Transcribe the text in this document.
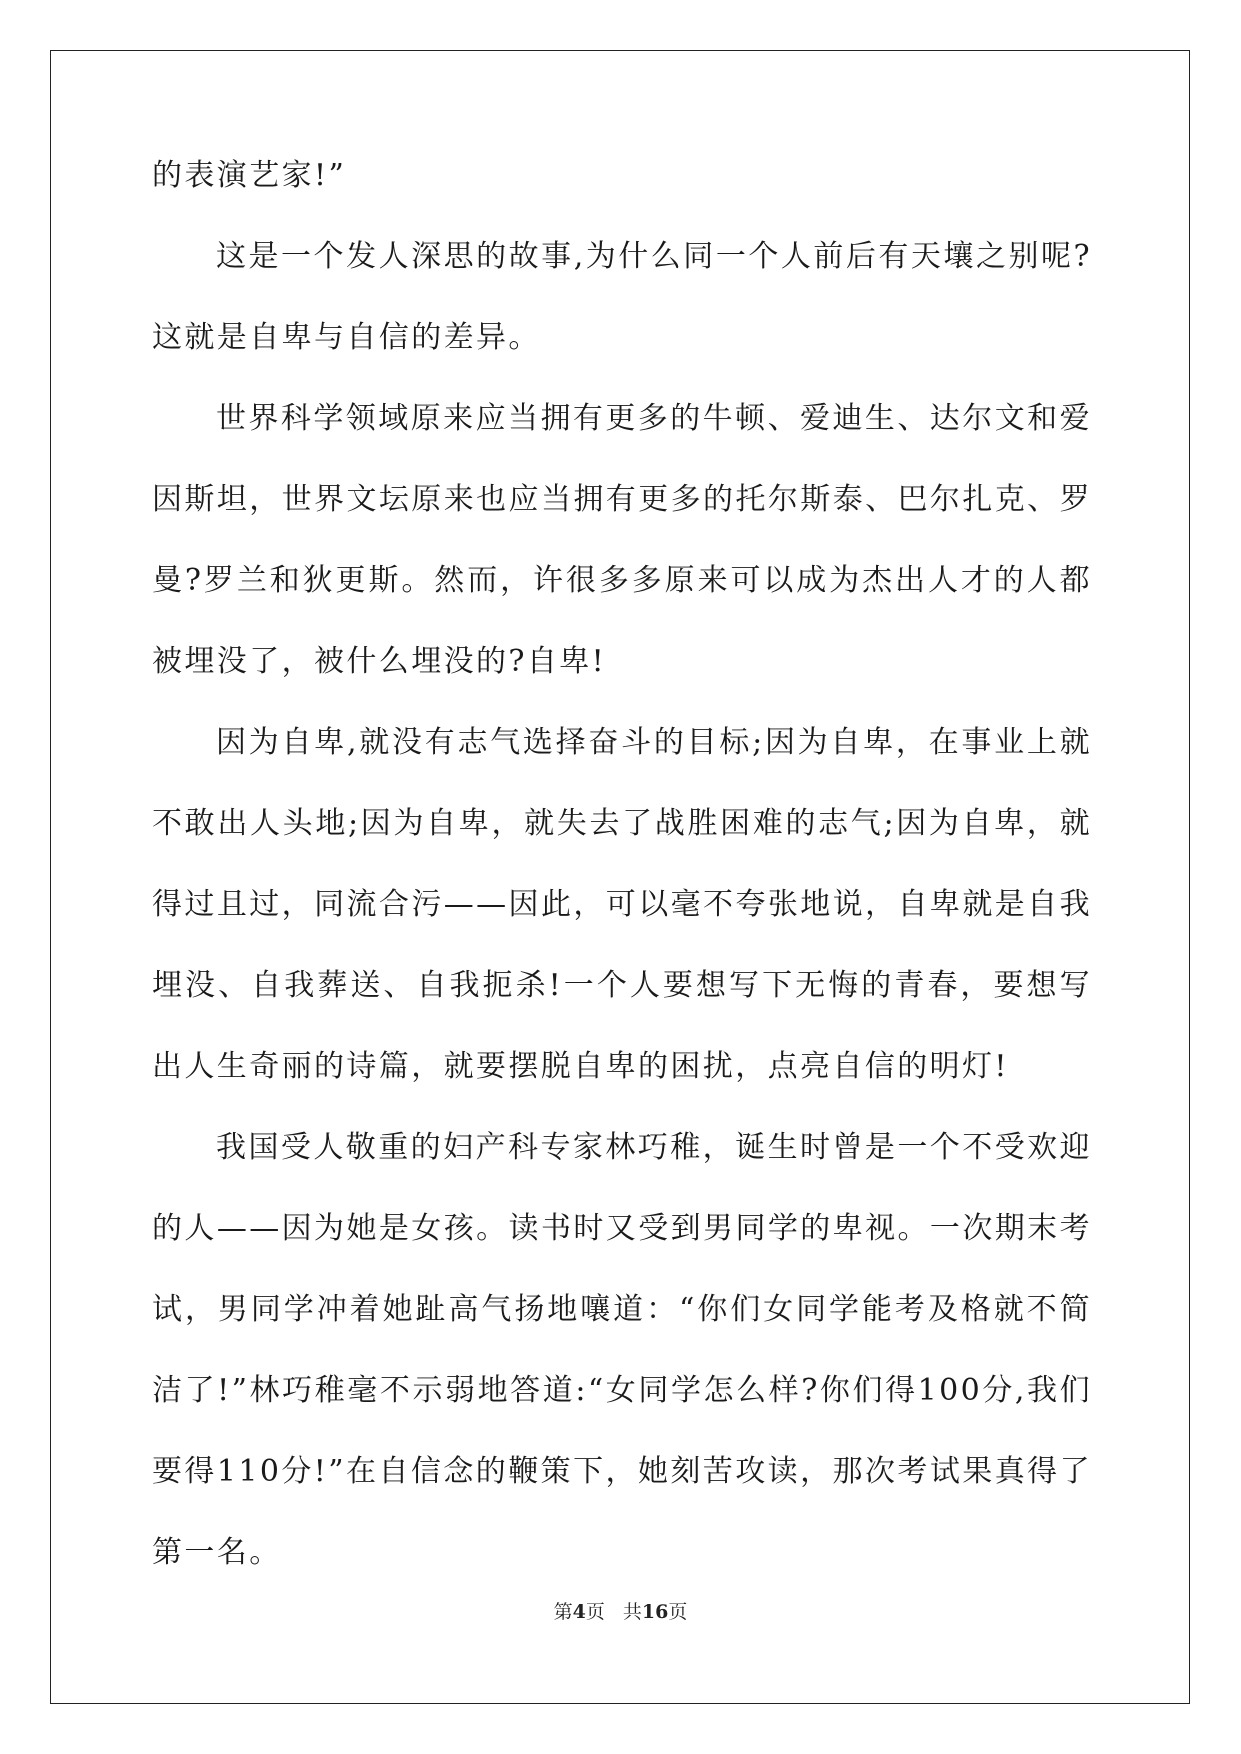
的表演艺家!”

这是一个发人深思的故事,为什么同一个人前后有天壤之别呢?这就是自卑与自信的差异。

世界科学领域原来应当拥有更多的牛顿、爱迪生、达尔文和爱因斯坦，世界文坛原来也应当拥有更多的托尔斯泰、巴尔扎克、罗曼?罗兰和狄更斯。然而，许很多多原来可以成为杰出人才的人都被埋没了，被什么埋没的?自卑!

因为自卑,就没有志气选择奋斗的目标;因为自卑，在事业上就不敢出人头地;因为自卑，就失去了战胜困难的志气;因为自卑，就得过且过，同流合污——因此，可以毫不夸张地说，自卑就是自我埋没、自我葬送、自我扼杀!一个人要想写下无悔的青春，要想写出人生奇丽的诗篇，就要摆脱自卑的困扰，点亮自信的明灯!

我国受人敬重的妇产科专家林巧稚，诞生时曾是一个不受欢迎的人——因为她是女孩。读书时又受到男同学的卑视。一次期末考试，男同学冲着她趾高气扬地嚷道：“你们女同学能考及格就不简洁了!”林巧稚毫不示弱地答道:“女同学怎么样?你们得100分,我们要得110分!”在自信念的鞭策下，她刻苦攻读，那次考试果真得了第一名。

第4页 共16页
